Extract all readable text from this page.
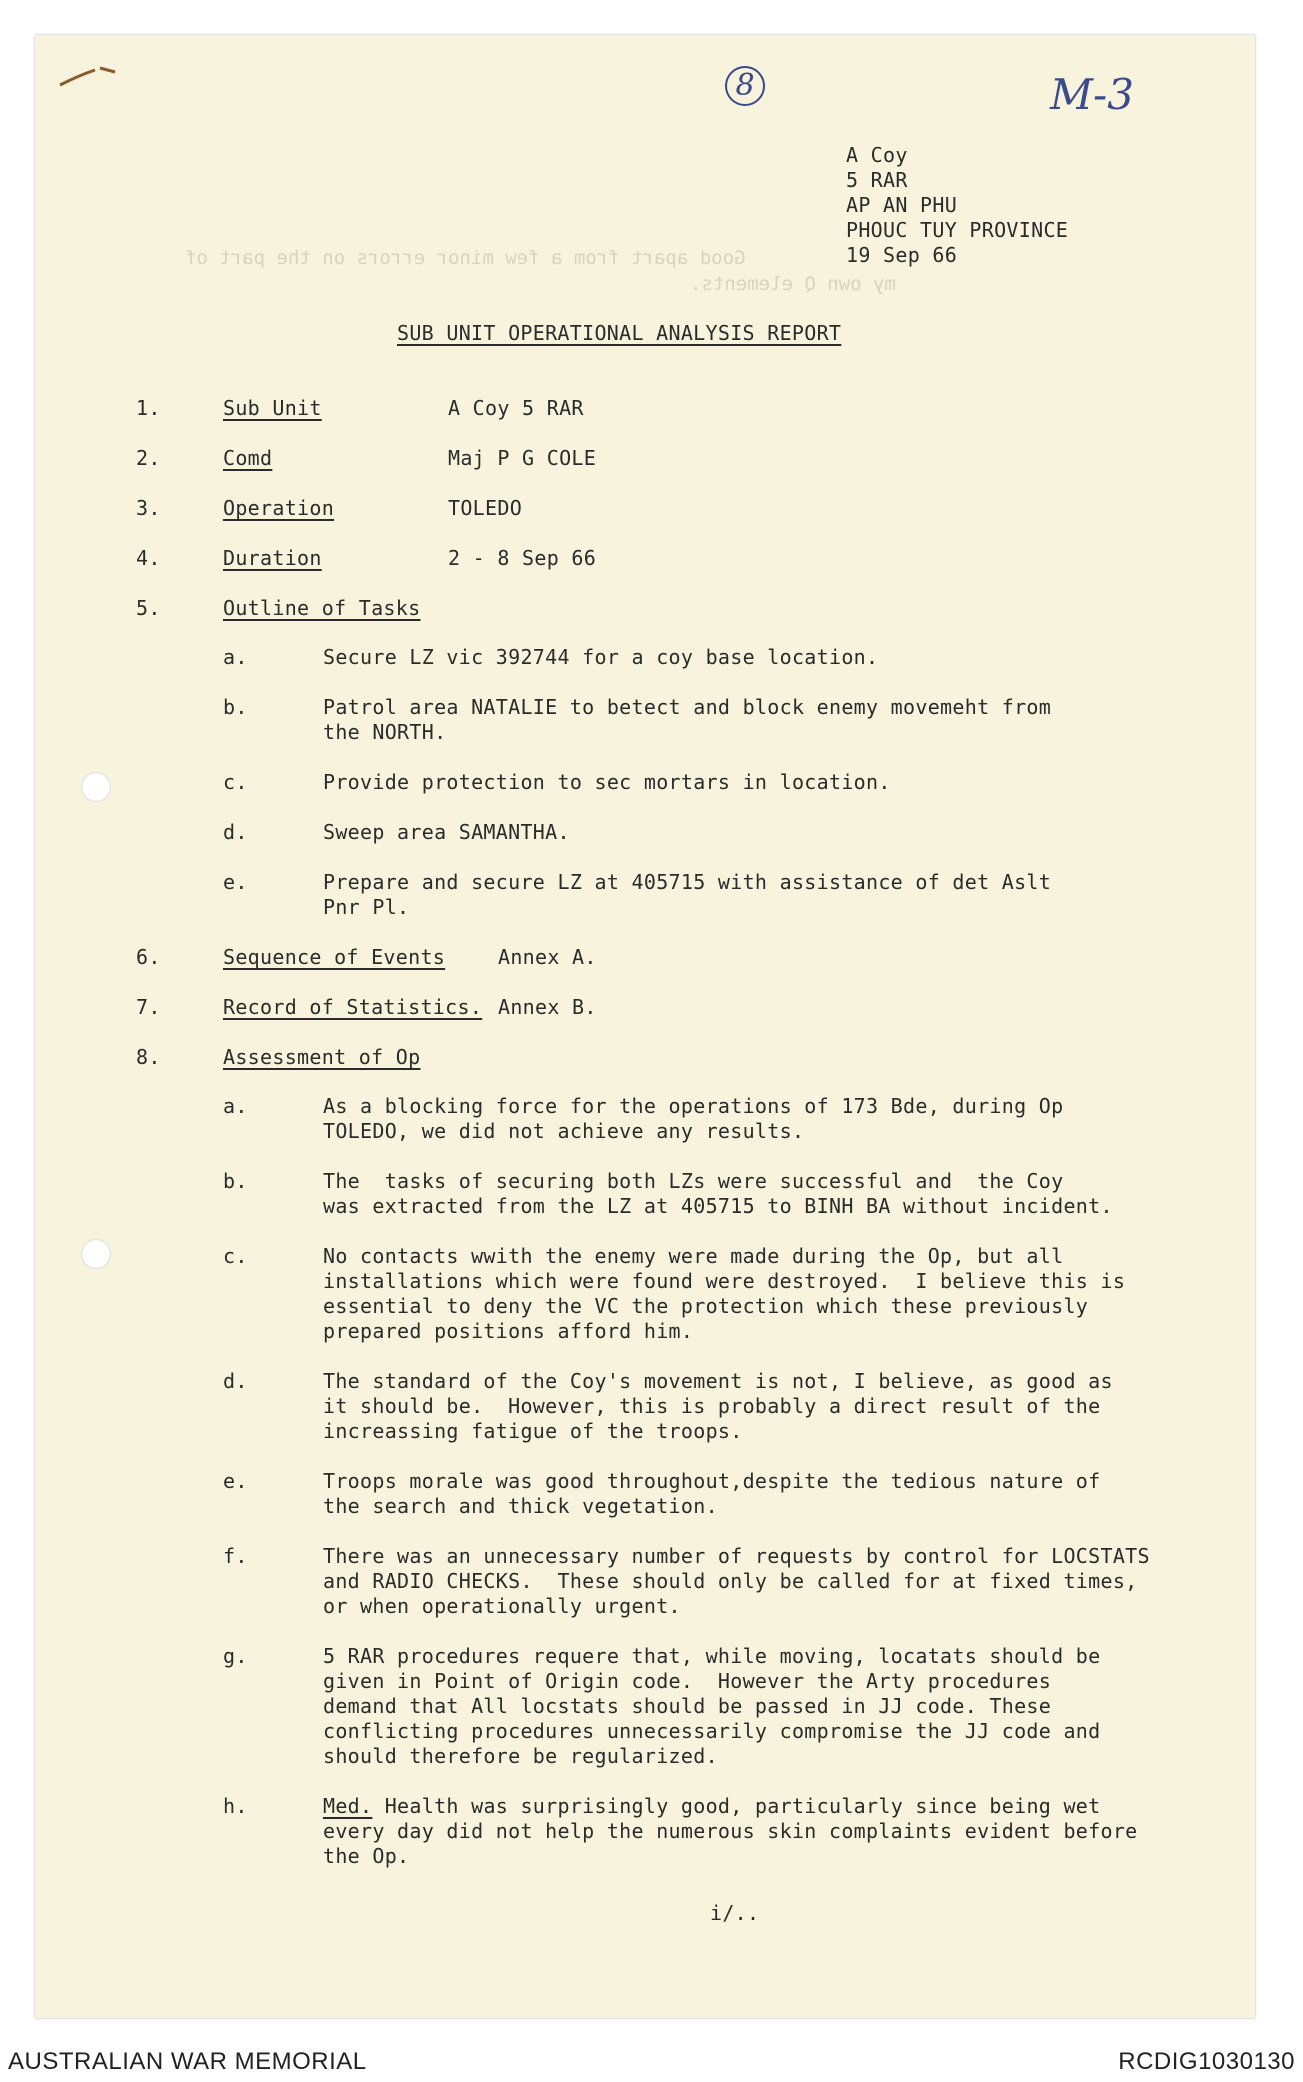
8	M-3
Good apart from a few minor errors on the part of
my own Q elements.
A Coy
5 RAR
AP AN PHU
PHOUC TUY PROVINCE
19 Sep 66
SUB UNIT OPERATIONAL ANALYSIS REPORT
1.	Sub Unit	A Coy 5 RAR
2.	Comd	Maj P G COLE
3.	Operation	TOLEDO
4.	Duration	2 - 8 Sep 66
5.	Outline of Tasks
a.	Secure LZ vic 392744 for a coy base location.
b.	Patrol area NATALIE to betect and block enemy movemeht from
the NORTH.
c.	Provide protection to sec mortars in location.
d.	Sweep area SAMANTHA.
e.	Prepare and secure LZ at 405715 with assistance of det Aslt
Pnr Pl.
6.	Sequence of Events	Annex A.
7.	Record of Statistics. Annex B.
8.	Assessment of Op
a.	As a blocking force for the operations of 173 Bde, during Op
TOLEDO, we did not achieve any results.
b.	The  tasks of securing both LZs were successful and  the Coy
was extracted from the LZ at 405715 to BINH BA without incident.
c.	No contacts wwith the enemy were made during the Op, but all
installations which were found were destroyed.  I believe this is
essential to deny the VC the protection which these previously
prepared positions afford him.
d.	The standard of the Coy's movement is not, I believe, as good as
it should be.  However, this is probably a direct result of the
increassing fatigue of the troops.
e.	Troops morale was good throughout,despite the tedious nature of
the search and thick vegetation.
f.	There was an unnecessary number of requests by control for LOCSTATS
and RADIO CHECKS.  These should only be called for at fixed times,
or when operationally urgent.
g.	5 RAR procedures requere that, while moving, locatats should be
given in Point of Origin code.  However the Arty procedures
demand that All locstats should be passed in JJ code. These
conflicting procedures unnecessarily compromise the JJ code and
should therefore be regularized.
h.	Med. Health was surprisingly good, particularly since being wet
every day did not help the numerous skin complaints evident before
the Op.
i/..
AUSTRALIAN WAR MEMORIAL	RCDIG1030130
